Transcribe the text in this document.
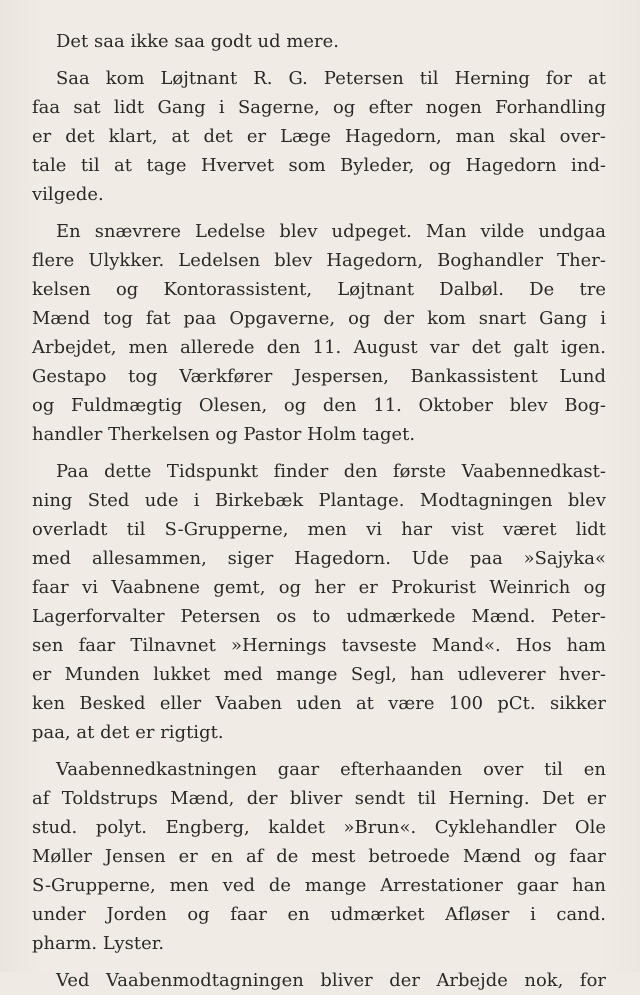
Det saa ikke saa godt ud mere.
Saa kom Løjtnant R. G. Petersen til Herning for at
faa sat lidt Gang i Sagerne, og efter nogen Forhandling
er det klart, at det er Læge Hagedorn, man skal over-
tale til at tage Hvervet som Byleder, og Hagedorn ind-
vilgede.
En snævrere Ledelse blev udpeget. Man vilde undgaa
flere Ulykker. Ledelsen blev Hagedorn, Boghandler Ther-
kelsen og Kontorassistent, Løjtnant Dalbøl. De tre
Mænd tog fat paa Opgaverne, og der kom snart Gang i
Arbejdet, men allerede den 11. August var det galt igen.
Gestapo tog Værkfører Jespersen, Bankassistent Lund
og Fuldmægtig Olesen, og den 11. Oktober blev Bog-
handler Therkelsen og Pastor Holm taget.
Paa dette Tidspunkt finder den første Vaabennedkast-
ning Sted ude i Birkebæk Plantage. Modtagningen blev
overladt til S-Grupperne, men vi har vist været lidt
med allesammen, siger Hagedorn. Ude paa »Sajyka«
faar vi Vaabnene gemt, og her er Prokurist Weinrich og
Lagerforvalter Petersen os to udmærkede Mænd. Peter-
sen faar Tilnavnet »Hernings tavseste Mand«. Hos ham
er Munden lukket med mange Segl, han udleverer hver-
ken Besked eller Vaaben uden at være 100 pCt. sikker
paa, at det er rigtigt.
Vaabennedkastningen gaar efterhaanden over til en
af Toldstrups Mænd, der bliver sendt til Herning. Det er
stud. polyt. Engberg, kaldet »Brun«. Cyklehandler Ole
Møller Jensen er en af de mest betroede Mænd og faar
S-Grupperne, men ved de mange Arrestationer gaar han
under Jorden og faar en udmærket Afløser i cand.
pharm. Lyster.
Ved Vaabenmodtagningen bliver der Arbejde nok, for
